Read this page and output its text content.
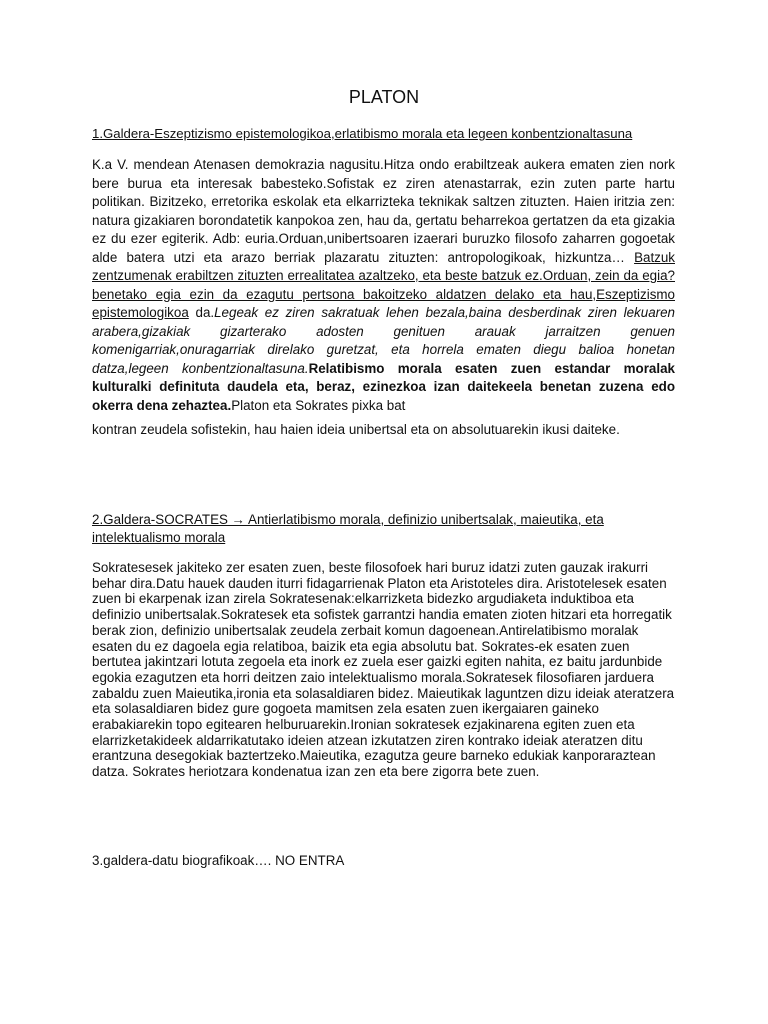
PLATON
1.Galdera-Eszeptizismo epistemologikoa,erlatibismo morala eta legeen konbentzionaltasuna
K.a V. mendean Atenasen demokrazia nagusitu.Hitza ondo erabiltzeak aukera ematen zien nork bere burua eta interesak babesteko.Sofistak ez ziren atenastarrak, ezin zuten parte hartu politikan. Bizitzeko, erretorika eskolak eta elkarriztek​a teknikak saltzen zituzten. Haien iritzia zen: natura gizakiaren borondatetik kanpokoa zen, hau da, gertatu beharrekoa gertatzen da eta gizakia ez du ezer egiterik. Adb: euria.Orduan,unibertsoaren izaerari buruzko filosofo zaharren gogoetak alde batera utzi eta arazo berriak plazaratu zituzten: antropologikoak, hizkuntza… Batzuk zentzumenak erabiltzen zituzten errealitatea azaltzeko, eta beste batzuk ez.Orduan, zein da egia?benetako egia ezin da ezagutu pertsona bakoitzeko aldatzen delako eta hau,Eszeptizismo epistemologikoa da.Legeak ez ziren sakratuak lehen bezala,baina desberdinak ziren lekuaren arabera,gizakiak gizarterako adosten genituen arauak jarraitzen genuen komenigarriak,onuragarriak direlako guretzat, eta horrela ematen diegu balioa honetan datza,legeen konbentzionaltasuna.Relatibismo morala esaten zuen estandar moralak kulturalki definituta daudela eta, beraz, ezinezkoa izan daitekeela benetan zuzena edo okerra dena zehaztea.Platon eta Sokrates pixka bat
kontran zeudela sofistekin, hau haien ideia unibertsal eta on absolutuarekin ikusi daiteke.
2.Galdera-SOCRATES → Antierlatibismo morala, definizio unibertsalak, maieutika, eta intelektualismo morala
Sokratesesek jakiteko zer esaten zuen, beste filosofoek hari buruz idatzi zuten gauzak irakurri behar dira.Datu hauek dauden iturri fidagarrienak Platon eta Aristoteles dira. Aristotelesek esaten zuen bi ekarpenak izan zirela Sokratesenak:elkarrizketa bidezko argudiaketa induktiboa eta definizio unibertsalak.Sokratesek eta sofistek garrantzi handia ematen zioten hitzari eta horregatik berak zion, definizio unibertsalak zeudela zerbait komun dagoenean.Antirelatibismo moralak esaten du ez dagoela egia relatiboa, baizik eta egia absolutu bat. Sokrates-ek esaten zuen bertutea jakintzari lotuta zegoela eta inork ez zuela eser gaizki egiten nahita, ez baitu jardunbide egokia ezagutzen eta horri deitzen zaio intelektualismo morala.Sokratesek filosofiaren jarduera zabaldu zuen Maieutika,ironia eta solasaldiaren bidez. Maieutikak laguntzen dizu ideiak ateratzera eta solasaldiaren bidez gure gogoeta mamitsen zela esaten zuen ikergaiaren gaineko erabakiarekin topo egitearen helburuarekin.Ironian sokratesek ezjakinarena egiten zuen eta elarrizketakideek aldarrikatutako ideien atzean izkutatzen ziren kontrako ideiak ateratzen ditu erantzuna desegokiak baztertzeko.Maieutika, ezagutza geure barneko edukiak kanporaraztean datza. Sokrates heriotzara kondenatua izan zen eta bere zigorra bete zuen.
3.galdera-datu biografikoak…. NO ENTRA
